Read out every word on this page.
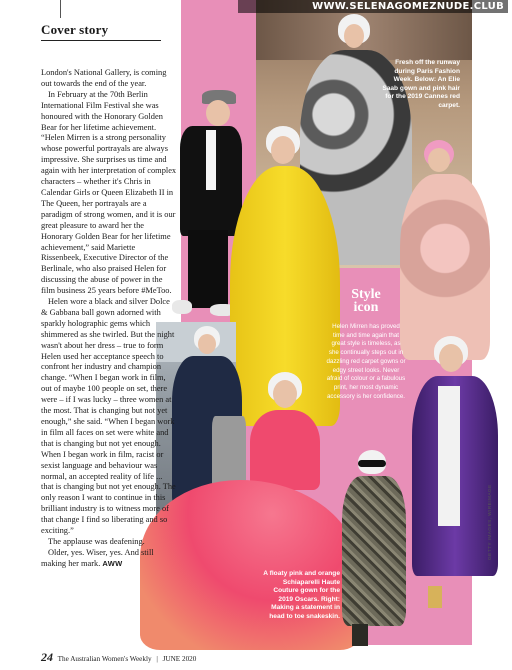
Cover story

London's National Gallery, is coming out towards the end of the year.

In February at the 70th Berlin International Film Festival she was honoured with the Honorary Golden Bear for her lifetime achievement. “Helen Mirren is a strong personality whose powerful portrayals are always impressive. She surprises us time and again with her interpretation of complex characters – whether it's Chris in Calendar Girls or Queen Elizabeth II in The Queen, her portrayals are a paradigm of strong women, and it is our great pleasure to award her the Honorary Golden Bear for her lifetime achievement,” said Mariette Rissenbeek, Executive Director of the Berlinale, who also praised Helen for discussing the abuse of power in the film business 25 years before #MeToo.

Helen wore a black and silver Dolce & Gabbana ball gown adorned with sparkly holographic gems which shimmered as she twirled. But the night wasn't about her dress – true to form Helen used her acceptance speech to confront her industry and champion change. “When I began work in film, out of maybe 100 people on set, there were – if I was lucky – three women at the most. That is changing but not yet enough,” she said. “When I began work in film all faces on set were white and that is changing but not yet enough. When I began work in film, racist or sexist language and behaviour was normal, an accepted reality of life ... that is changing but not yet enough. The only reason I want to continue in this brilliant industry is to witness more of that change I find so liberating and so exciting.”

The applause was deafening.

Older, yes. Wiser, yes. And still making her mark. AWW

Fresh off the runway during Paris Fashion Week. Below: An Elie Saab gown and pink hair for the 2019 Cannes red carpet.
A floaty pink and orange Schiaparelli Haute Couture gown for the 2019 Oscars. Right: Making a statement in head to toe snakeskin.
Style
icon
Helen Mirren has proved time and time again that great style is timeless, as she continually steps out in dazzling red carpet gowns or edgy street looks. Never afraid of colour or a fabulous print, her most dynamic accessory is her confidence.
GETTY IMAGES, WIREIMAGE
WWW.SELENAGOMEZNUDE.CLUB
24 The Australian Women's Weekly | JUNE 2020
